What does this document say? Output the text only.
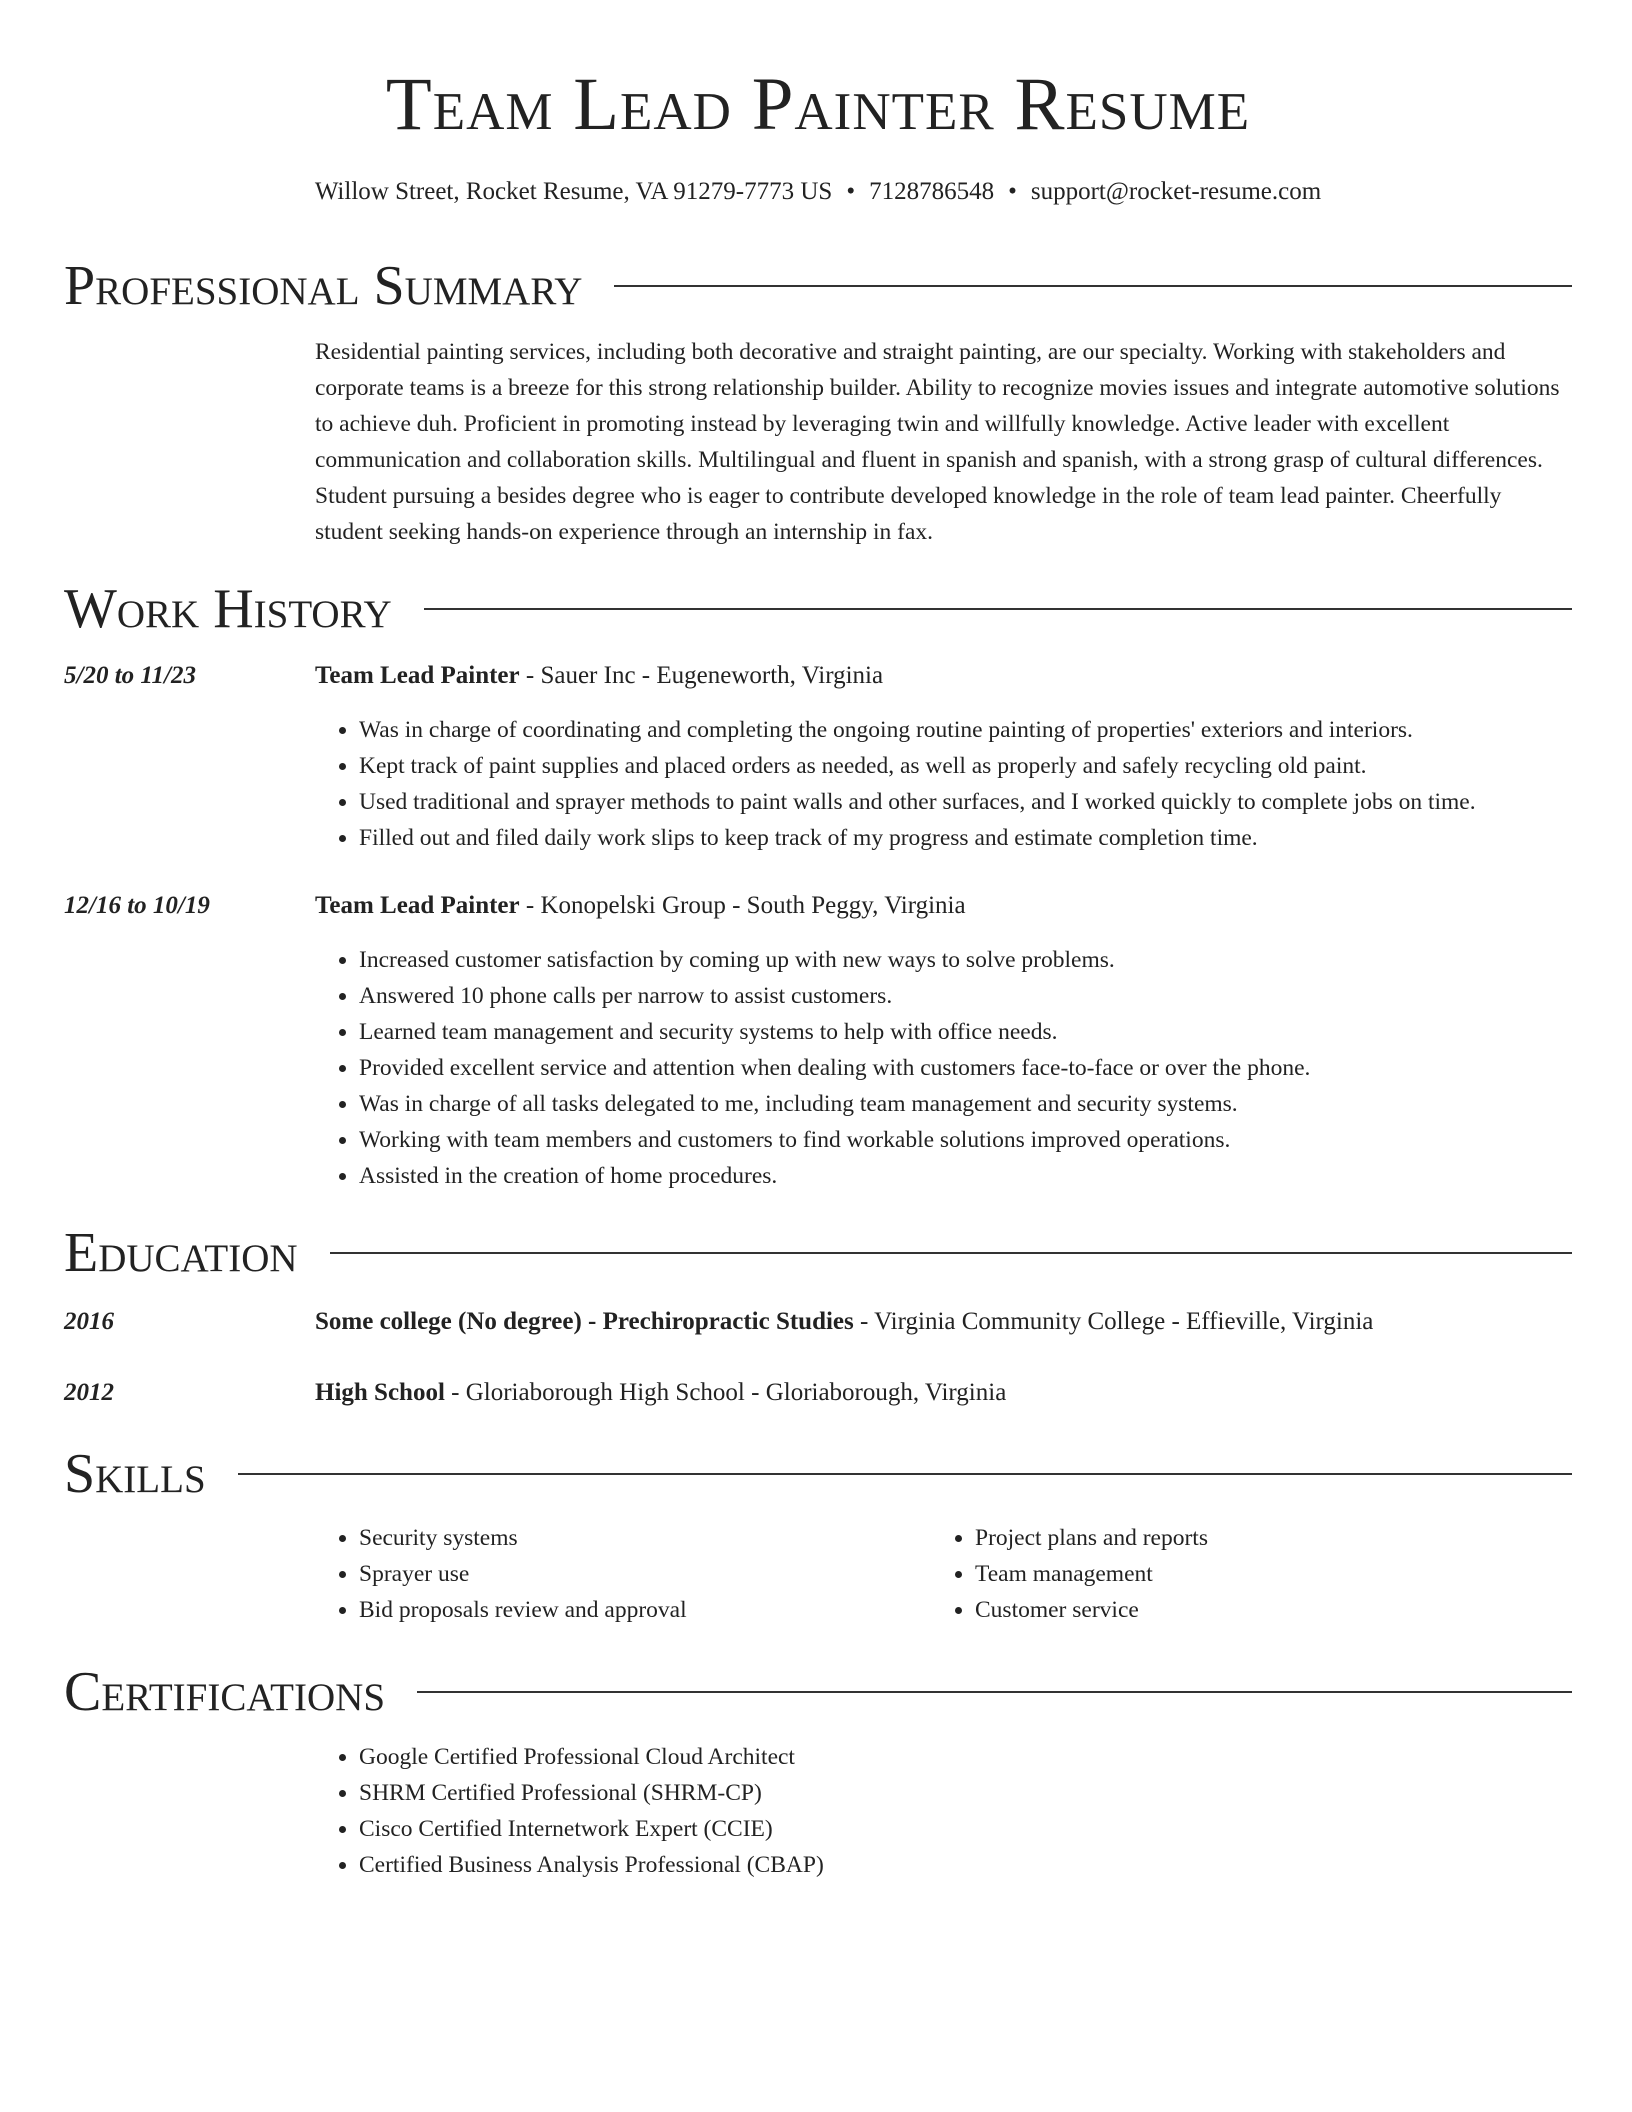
Team Lead Painter Resume
Willow Street, Rocket Resume, VA 91279-7773 US • 7128786548 • support@rocket-resume.com
Professional Summary

Residential painting services, including both decorative and straight painting, are our specialty. Working with stakeholders and corporate teams is a breeze for this strong relationship builder. Ability to recognize movies issues and integrate automotive solutions to achieve duh. Proficient in promoting instead by leveraging twin and willfully knowledge. Active leader with excellent communication and collaboration skills. Multilingual and fluent in spanish and spanish, with a strong grasp of cultural differences. Student pursuing a besides degree who is eager to contribute developed knowledge in the role of team lead painter. Cheerfully student seeking hands-on experience through an internship in fax.

Work History
5/20 to 11/23	Team Lead Painter - Sauer Inc - Eugeneworth, Virginia
• Was in charge of coordinating and completing the ongoing routine painting of properties' exteriors and interiors.
• Kept track of paint supplies and placed orders as needed, as well as properly and safely recycling old paint.
• Used traditional and sprayer methods to paint walls and other surfaces, and I worked quickly to complete jobs on time.
• Filled out and filed daily work slips to keep track of my progress and estimate completion time.
12/16 to 10/19	Team Lead Painter - Konopelski Group - South Peggy, Virginia
• Increased customer satisfaction by coming up with new ways to solve problems.
• Answered 10 phone calls per narrow to assist customers.
• Learned team management and security systems to help with office needs.
• Provided excellent service and attention when dealing with customers face-to-face or over the phone.
• Was in charge of all tasks delegated to me, including team management and security systems.
• Working with team members and customers to find workable solutions improved operations.
• Assisted in the creation of home procedures.
Education
2016	Some college (No degree) - Prechiropractic Studies - Virginia Community College - Effieville, Virginia
2012	High School - Gloriaborough High School - Gloriaborough, Virginia
Skills
• Security systems
• Sprayer use
• Bid proposals review and approval
• Project plans and reports
• Team management
• Customer service
Certifications
• Google Certified Professional Cloud Architect
• SHRM Certified Professional (SHRM-CP)
• Cisco Certified Internetwork Expert (CCIE)
• Certified Business Analysis Professional (CBAP)
